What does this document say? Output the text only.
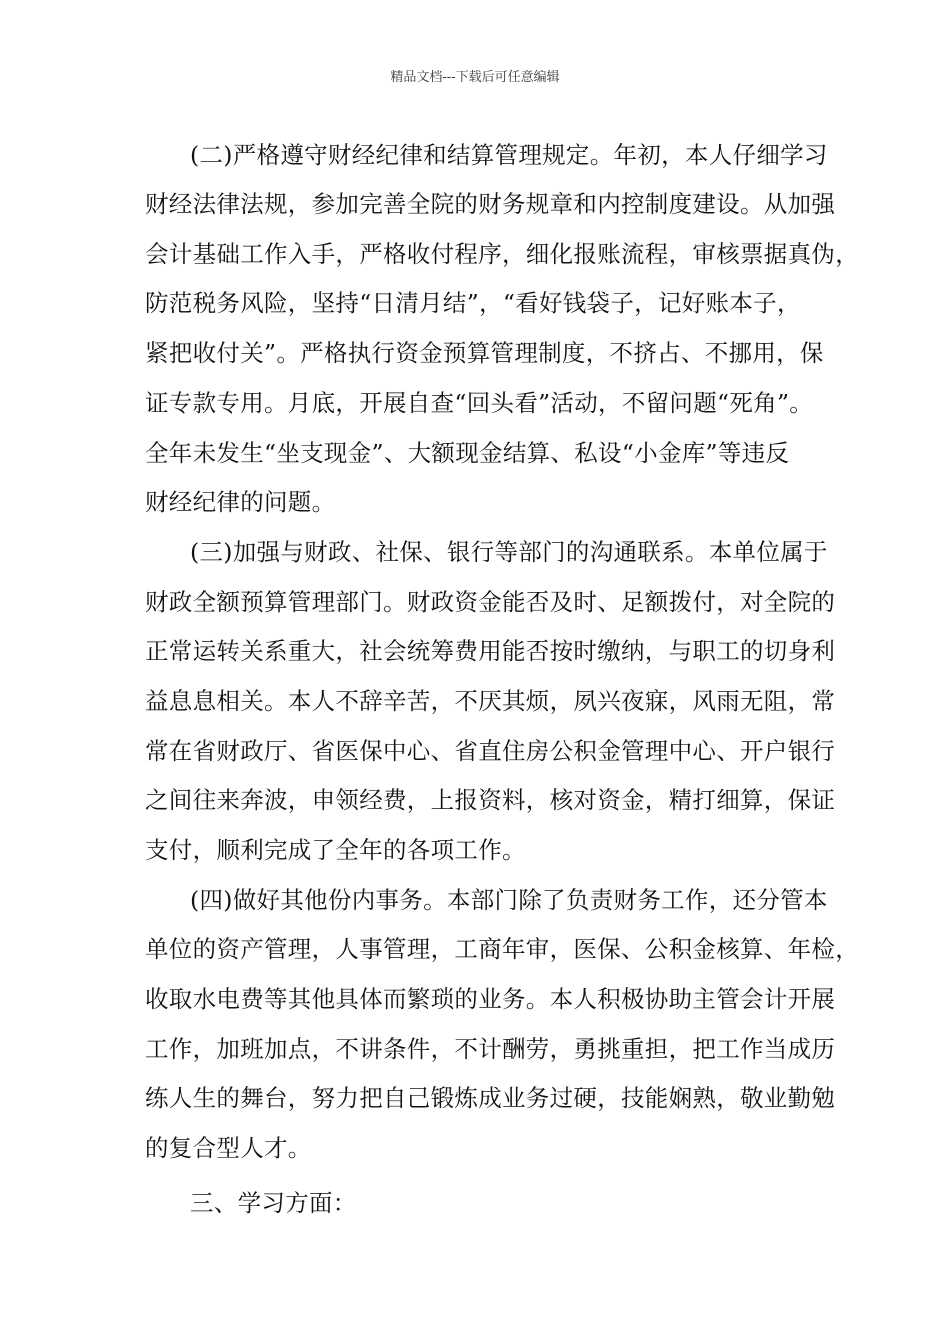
精品文档---下载后可任意编辑
(二)严格遵守财经纪律和结算管理规定。年初，本人仔细学习
财经法律法规，参加完善全院的财务规章和内控制度建设。从加强
会计基础工作入手，严格收付程序，细化报账流程，审核票据真伪，
防范税务风险，坚持“日清月结”，“看好钱袋子，记好账本子，
紧把收付关”。严格执行资金预算管理制度，不挤占、不挪用，保
证专款专用。月底，开展自查“回头看”活动，不留问题“死角”。
全年未发生“坐支现金”、大额现金结算、私设“小金库”等违反
财经纪律的问题。
(三)加强与财政、社保、银行等部门的沟通联系。本单位属于
财政全额预算管理部门。财政资金能否及时、足额拨付，对全院的
正常运转关系重大，社会统筹费用能否按时缴纳，与职工的切身利
益息息相关。本人不辞辛苦，不厌其烦，夙兴夜寐，风雨无阻，常
常在省财政厅、省医保中心、省直住房公积金管理中心、开户银行
之间往来奔波，申领经费，上报资料，核对资金，精打细算，保证
支付，顺利完成了全年的各项工作。
(四)做好其他份内事务。本部门除了负责财务工作，还分管本
单位的资产管理，人事管理，工商年审，医保、公积金核算、年检，
收取水电费等其他具体而繁琐的业务。本人积极协助主管会计开展
工作，加班加点，不讲条件，不计酬劳，勇挑重担，把工作当成历
练人生的舞台，努力把自己锻炼成业务过硬，技能娴熟，敬业勤勉
的复合型人才。
三、学习方面：
